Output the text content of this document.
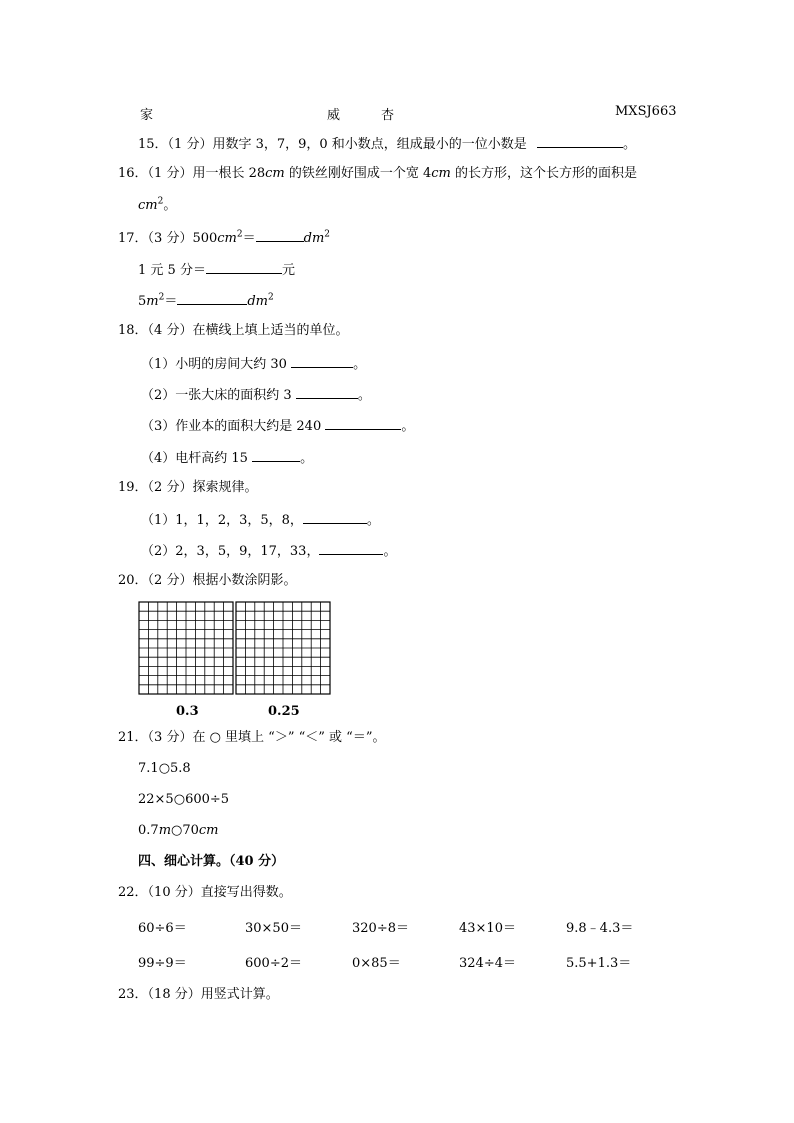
家	威	杏	MXSJ663
15．（1 分）用数字 3，7，9，0 和小数点，组成最小的一位小数是	。
16．（1 分）用一根长 28cm 的铁丝刚好围成一个宽 4cm 的长方形，这个长方形的面积是
$cm^2$。
17．（3 分）$500cm^2=$	$dm^2$
1 元 5 分＝	元
$5m^2=$	$dm^2$
18．（4 分）在横线上填上适当的单位。
（1）小明的房间大约 30	。
（2）一张大床的面积约 3	。
（3）作业本的面积大约是 240	。
（4）电杆高约 15	。
19．（2 分）探索规律。
（1）1，1，2，3，5，8，	。
（2）2，3，5，9，17，33，	。
20．（2 分）根据小数涂阴影。
0.3	0.25
21．（3 分）在 ○ 里填上 “＞” “＜” 或 “＝”。
7.1○5.8
22×5○600÷5
0.7m○70cm
四、细心计算。（40 分）
22．（10 分）直接写出得数。
60÷6＝	30×50＝	320÷8＝	43×10＝	9.8﹣4.3＝
99÷9＝	600÷2＝	0×85＝	324÷4＝	5.5+1.3＝
23．（18 分）用竖式计算。
